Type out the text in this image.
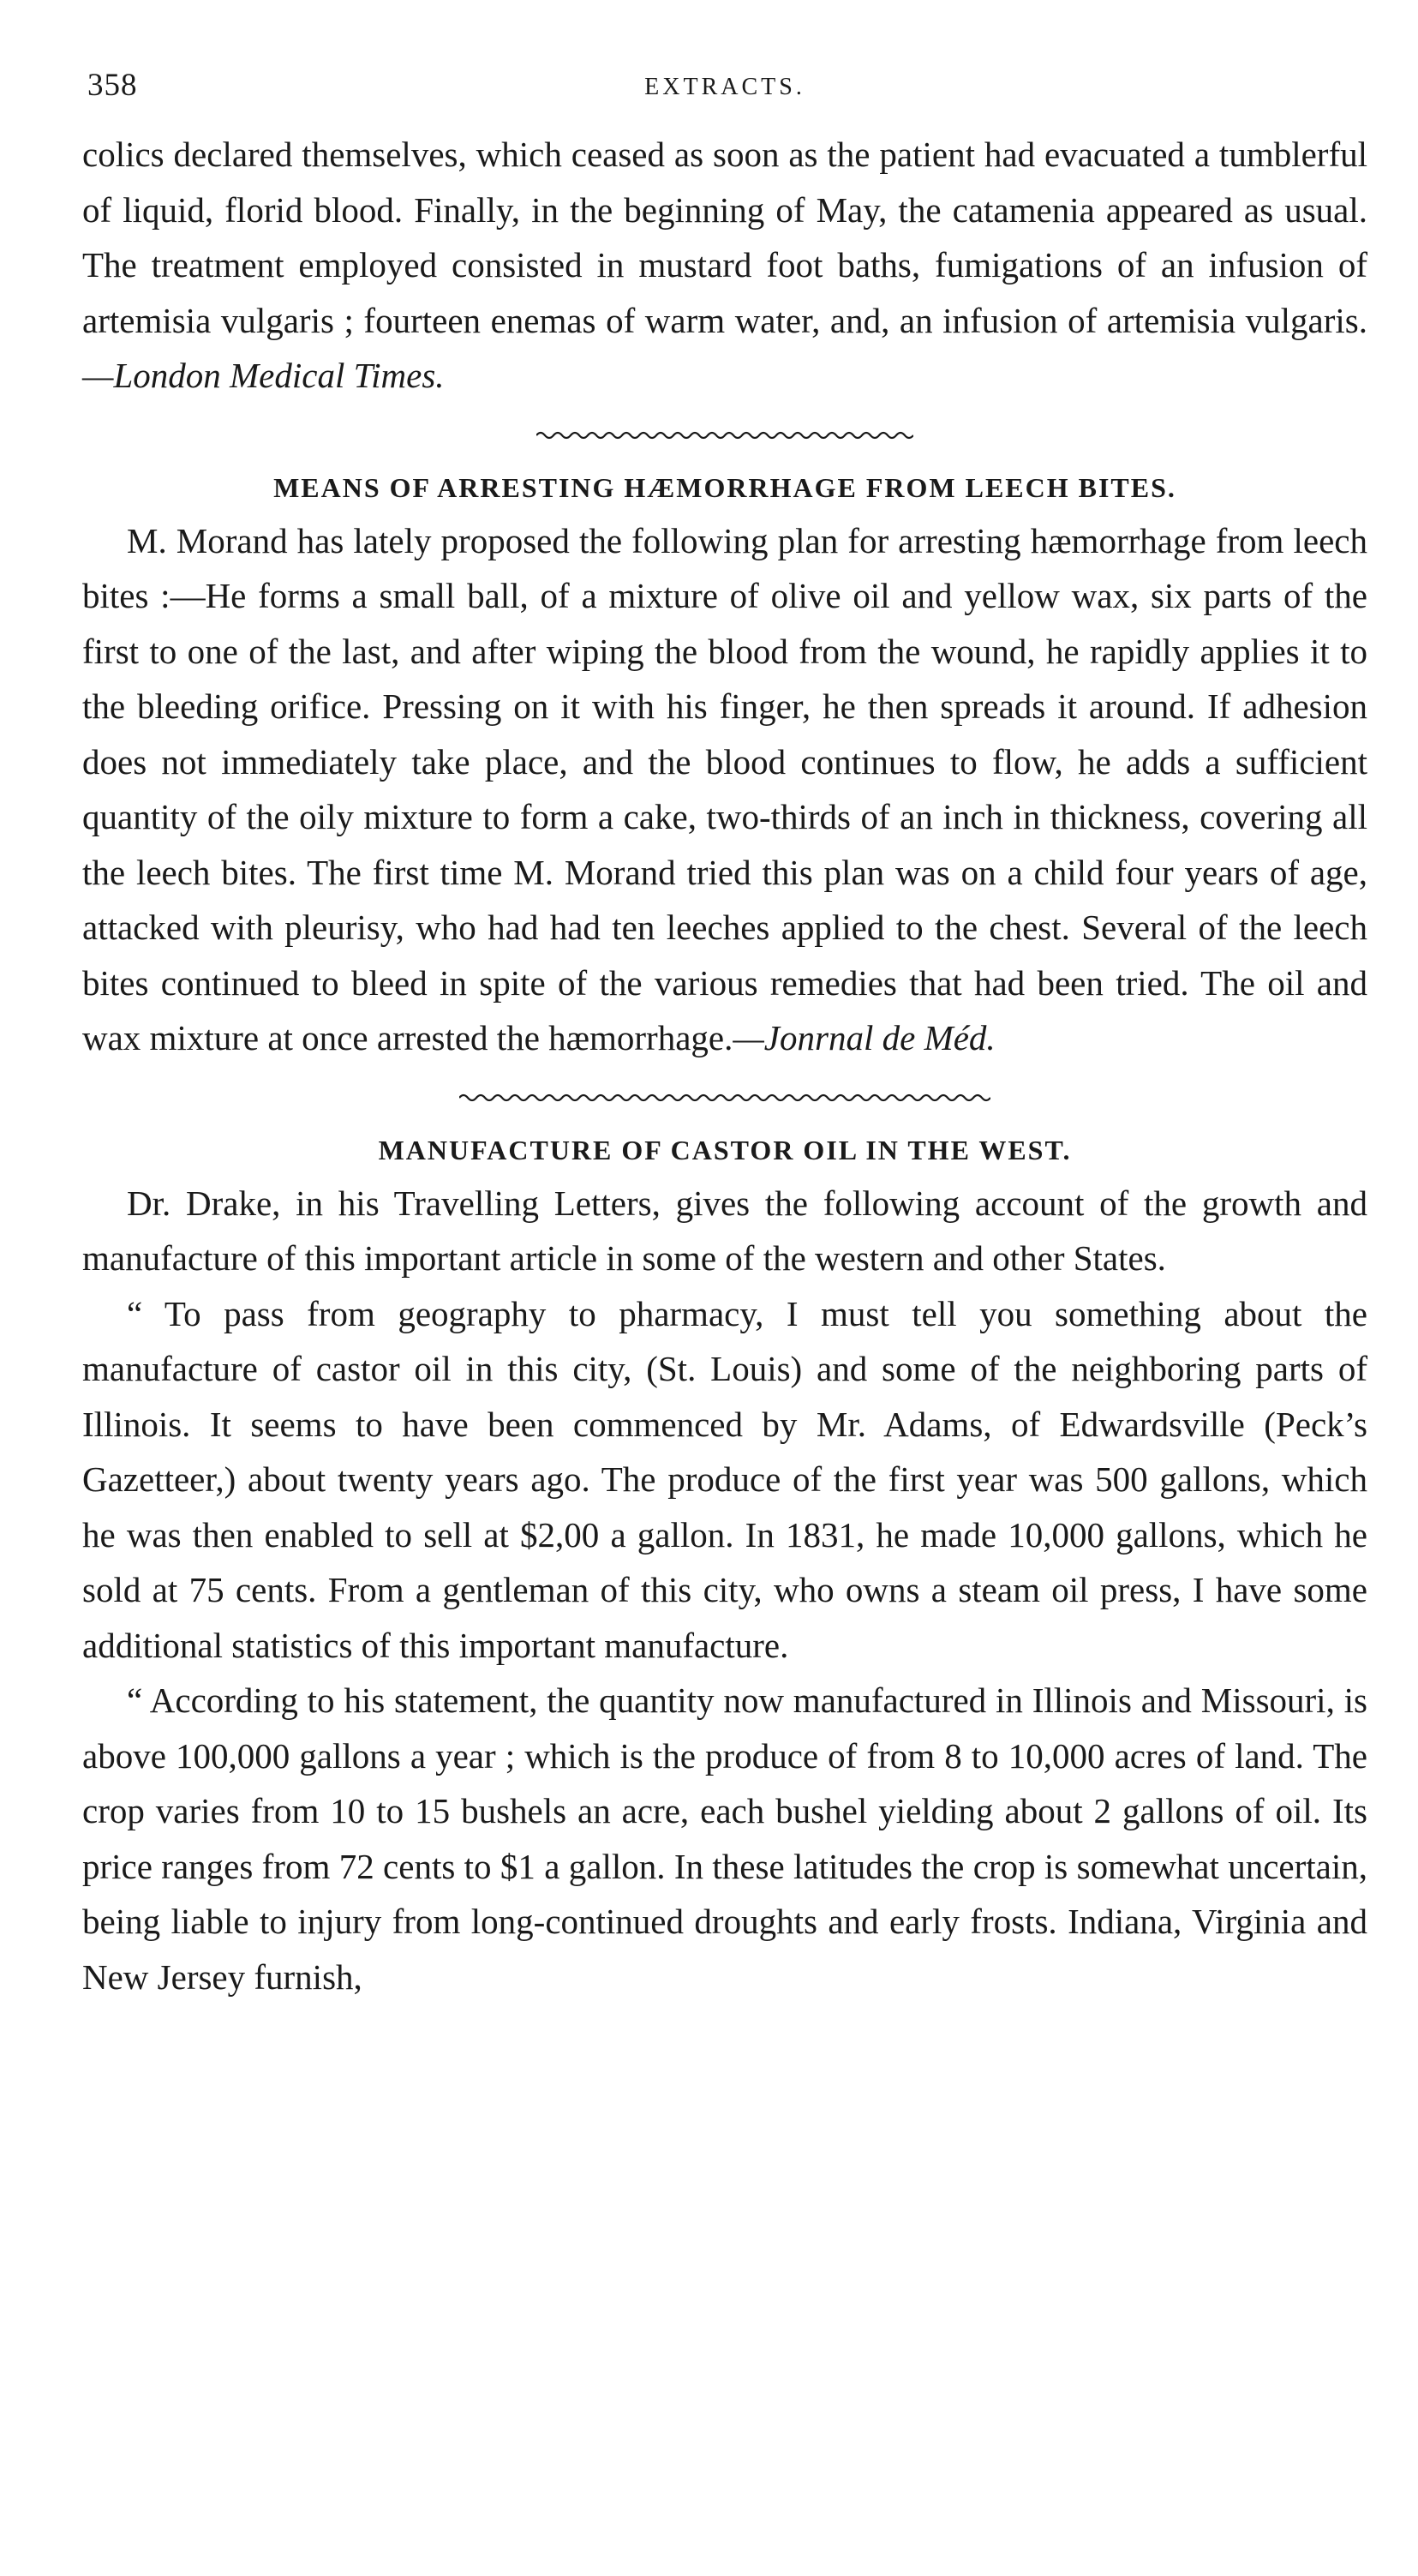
358	EXTRACTS.

colics declared themselves, which ceased as soon as the patient had evacuated a tumblerful of liquid, florid blood. Finally, in the beginning of May, the catamenia appeared as usual. The treatment employed consisted in mustard foot baths, fumigations of an infusion of artemisia vulgaris ; fourteen enemas of warm water, and, an infusion of artemisia vulgaris.—London Medical Times.

MEANS OF ARRESTING HÆMORRHAGE FROM LEECH BITES.

M. Morand has lately proposed the following plan for arresting hæmorrhage from leech bites :—He forms a small ball, of a mixture of olive oil and yellow wax, six parts of the first to one of the last, and after wiping the blood from the wound, he rapidly applies it to the bleeding orifice. Pressing on it with his finger, he then spreads it around. If adhesion does not immediately take place, and the blood continues to flow, he adds a sufficient quantity of the oily mixture to form a cake, two-thirds of an inch in thickness, covering all the leech bites. The first time M. Morand tried this plan was on a child four years of age, attacked with pleurisy, who had had ten leeches applied to the chest. Several of the leech bites continued to bleed in spite of the various remedies that had been tried. The oil and wax mixture at once arrested the hæmorrhage.—Jonrnal de Méd.

MANUFACTURE OF CASTOR OIL IN THE WEST.

Dr. Drake, in his Travelling Letters, gives the following account of the growth and manufacture of this important article in some of the western and other States.

“ To pass from geography to pharmacy, I must tell you something about the manufacture of castor oil in this city, (St. Louis) and some of the neighboring parts of Illinois. It seems to have been commenced by Mr. Adams, of Edwardsville (Peck’s Gazetteer,) about twenty years ago. The produce of the first year was 500 gallons, which he was then enabled to sell at $2,00 a gallon. In 1831, he made 10,000 gallons, which he sold at 75 cents. From a gentleman of this city, who owns a steam oil press, I have some additional statistics of this important manufacture.

“ According to his statement, the quantity now manufactured in Illinois and Missouri, is above 100,000 gallons a year ; which is the produce of from 8 to 10,000 acres of land. The crop varies from 10 to 15 bushels an acre, each bushel yielding about 2 gallons of oil. Its price ranges from 72 cents to $1 a gallon. In these latitudes the crop is somewhat uncertain, being liable to injury from long-continued droughts and early frosts. Indiana, Virginia and New Jersey furnish,
